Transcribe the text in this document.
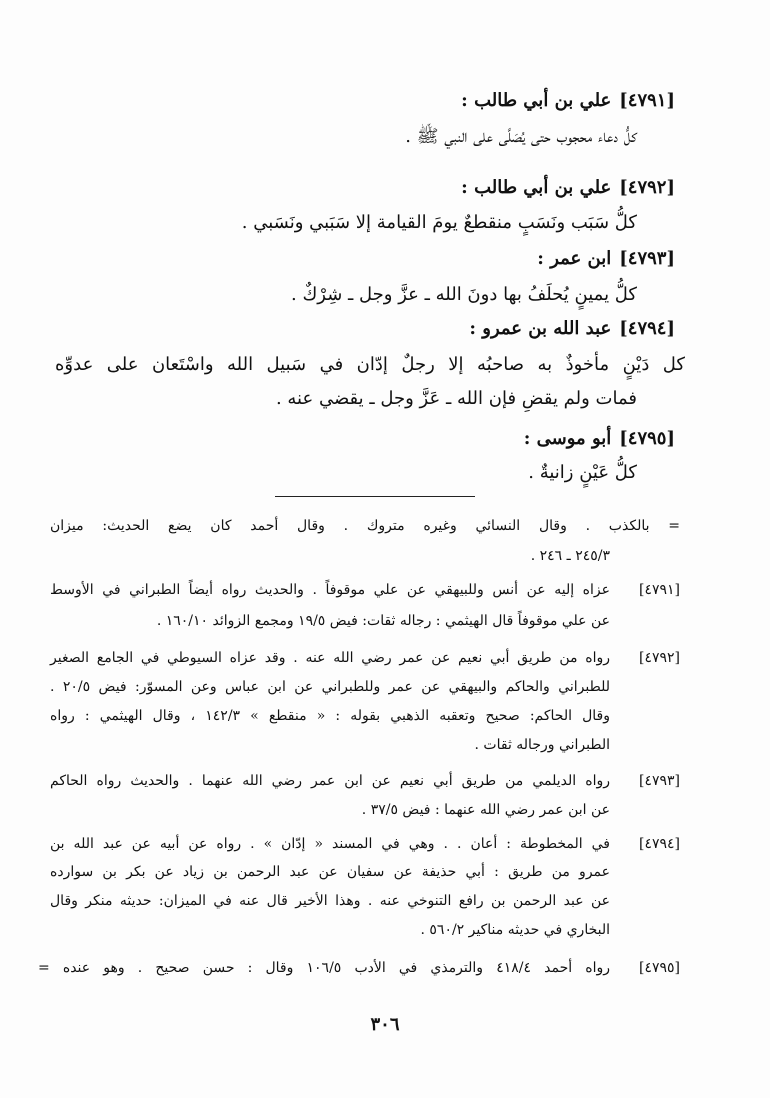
[٤٧٩١]علي بن أبي طالب :
كلُّ دعاء محجوب حتى يُصَلَّى على النبي ﷺ .
[٤٧٩٢]علي بن أبي طالب :
كلُّ سَبَب ونَسَبٍ منقطعٌ يومَ القيامة إلا سَبَبي ونَسَبي .
[٤٧٩٣]ابن عمر :
كلُّ يمينٍ يُحلَفُ بها دونَ الله ـ عزَّ وجل ـ شِرْكٌ .
[٤٧٩٤]عبد الله بن عمرو :
كل دَيْنٍ مأخوذٌ به صاحبُه إلا رجلٌ إدّان في سَبيل الله واسْتَعان على عدوِّه
فمات ولم يقضِ فإن الله ـ عَزَّ وجل ـ يقضي عنه .
[٤٧٩٥]أبو موسى :
كلُّ عَيْنٍ زانيةٌ .
= بالكذب . وقال النسائي وغيره متروك . وقال أحمد كان يضع الحديث: ميزان
٢٤٥/٣ ـ ٢٤٦ .
[٤٧٩١]
عزاه إليه عن أنس وللبيهقي عن علي موقوفاً . والحديث رواه أيضاً الطبراني في الأوسط
عن علي موقوفاً قال الهيثمي : رجاله ثقات: فيض ١٩/٥ ومجمع الزوائد ١٦٠/١٠ .
[٤٧٩٢]
رواه من طريق أبي نعيم عن عمر رضي الله عنه . وقد عزاه السيوطي في الجامع الصغير
للطبراني والحاكم والبيهقي عن عمر وللطبراني عن ابن عباس وعن المسوّر: فيض ٢٠/٥ .
وقال الحاكم: صحيح وتعقبه الذهبي بقوله : « منقطع » ١٤٢/٣ ، وقال الهيثمي : رواه
الطبراني ورجاله ثقات .
[٤٧٩٣]
رواه الديلمي من طريق أبي نعيم عن ابن عمر رضي الله عنهما . والحديث رواه الحاكم
عن ابن عمر رضي الله عنهما : فيض ٣٧/٥ .
[٤٧٩٤]
في المخطوطة : أعان . . وهي في المسند « إدّان » . رواه عن أبيه عن عبد الله بن
عمرو من طريق : أبي حذيفة عن سفيان عن عبد الرحمن بن زياد عن بكر بن سوارده
عن عبد الرحمن بن رافع التنوخي عنه . وهذا الأخير قال عنه في الميزان: حديثه منكر وقال
البخاري في حديثه مناكير ٥٦٠/٢ .
[٤٧٩٥]
رواه أحمد ٤١٨/٤ والترمذي في الأدب ١٠٦/٥ وقال : حسن صحيح . وهو عنده =
٣٠٦
